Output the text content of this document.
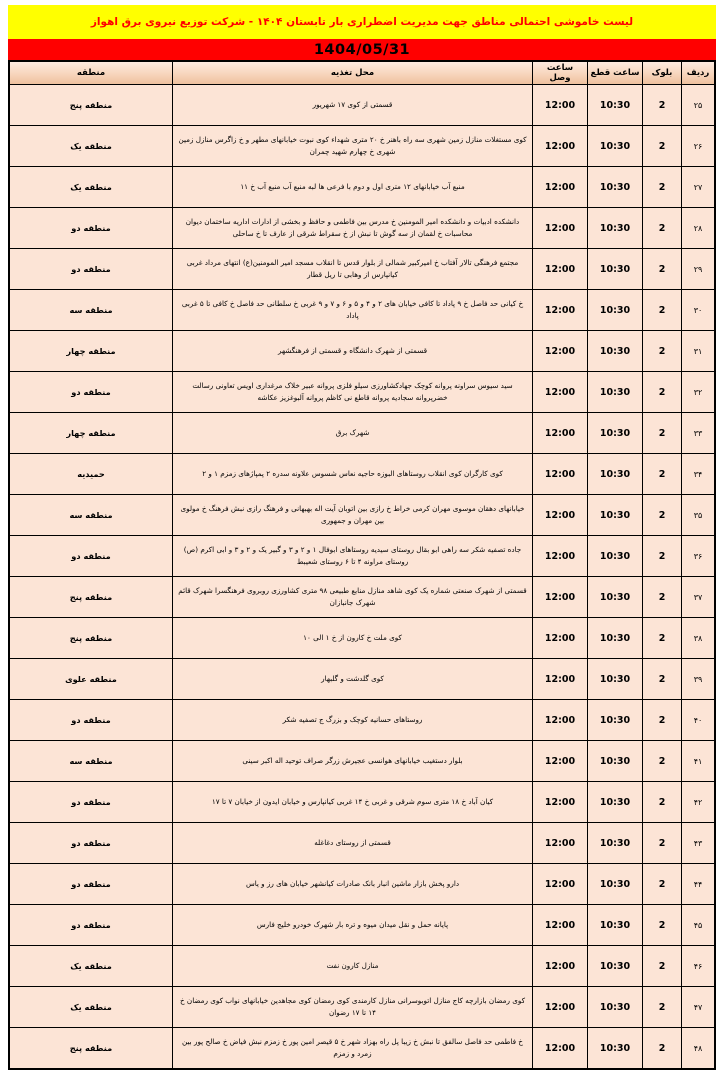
لیست خاموشی احتمالی مناطق جهت مدیریت اضطراری بار تابستان ۱۴۰۴ - شرکت توزیع نیروی برق اهواز
1404/05/31
ردیف	بلوک	ساعت قطع	ساعت وصل	محل تغذیه	منطقه
۲۵	2	10:30	12:00	قسمتی از کوی ۱۷ شهریور	منطقه پنج
۲۶	2	10:30	12:00	کوی مستغلات منازل زمین شهری سه راه باهنر خ ۲۰ متری شهداء کوی نبوت خیابانهای مطهر و خ زاگرس منازل زمین شهری خ چهارم شهید چمران	منطقه یک
۲۷	2	10:30	12:00	منبع آب خیابانهای ۱۲ متری اول و دوم با فرعی ها لبه منبع آب منبع آب خ ۱۱	منطقه یک
۲۸	2	10:30	12:00	دانشکده ادبیات و دانشکده امیر المومنین خ مدرس بین فاطمی و حافظ و بخشی از ادارات اداریه ساختمان دیوان محاسبات خ لقمان از سه گوش تا نبش از خ سقراط شرقی از عارف تا خ ساحلی	منطقه دو
۲۹	2	10:30	12:00	مجتمع فرهنگی تالار آفتاب خ امیرکبیر شمالی از بلوار قدس تا انقلاب مسجد امیر المومنین(ع) انتهای مرداد غربی کیانپارس از وهابی تا ریل قطار	منطقه دو
۳۰	2	10:30	12:00	خ کیانی حد فاصل خ ۹ پاداد تا کافی خیابان های ۲ و ۴ و ۵ و ۶ و ۷ و ۹ غربی خ سلطانی حد فاصل خ کافی تا ۵ غربی پاداد	منطقه سه
۳۱	2	10:30	12:00	قسمتی از شهرک دانشگاه و قسمتی از فرهنگشهر	منطقه چهار
۳۲	2	10:30	12:00	سید سیوس سراونه پروانه کوچک جهادکشاورزی سیلو فلزی پروانه عبیر خلاک مرغداری اویس تعاونی رسالت خضرپروانه سجادیه پروانه قاطع نی کاظم پروانه آلبوغزیز عکاشه	منطقه دو
۳۳	2	10:30	12:00	شهرک برق	منطقه چهار
۳۴	2	10:30	12:00	کوی کارگران کوی انقلاب روستاهای البوزه حاجیه نعاس شسوس علاونه سدره ۲ پمپاژهای زمزم ۱ و ۲	حمیدیه
۳۵	2	10:30	12:00	خیابانهای دهقان موسوی مهران کرمی خراط خ رازی بین اتوبان آیت اله بهبهانی و فرهنگ رازی نبش فرهنگ خ مولوی بین مهران و جمهوری	منطقه سه
۳۶	2	10:30	12:00	جاده تصفیه شکر سه راهی ابو بقال روستای سیدیه روستاهای ابوفال ۱ و ۲ و ۳ و گبیر یک و ۲ و ۳ و ابی اکرم (ص) روستای مراونه ۴ تا ۶ روستای شعیبط	منطقه دو
۳۷	2	10:30	12:00	قسمتی از شهرک صنعتی شماره یک کوی شاهد منازل منابع طبیعی ۹۸ متری کشاورزی روبروی فرهنگسرا شهرک قائم شهرک جانبازان	منطقه پنج
۳۸	2	10:30	12:00	کوی ملت خ کارون از خ ۱ الی ۱۰	منطقه پنج
۳۹	2	10:30	12:00	کوی گلدشت و گلبهار	منطقه علوی
۴۰	2	10:30	12:00	روستاهای حسانیه کوچک و بزرگ ج تصفیه شکر	منطقه دو
۴۱	2	10:30	12:00	بلوار دستغیب خیابانهای هوانسی عجیرش زرگر صراف توحید اله اکبر سینی	منطقه سه
۴۲	2	10:30	12:00	کیان آباد خ ۱۸ متری سوم شرقی و غربی خ ۱۴ غربی کیانپارس و خیابان ایدون از خیابان ۷ تا ۱۷	منطقه دو
۴۳	2	10:30	12:00	قسمتی از روستای دغاغله	منطقه دو
۴۴	2	10:30	12:00	دارو پخش بازار ماشین انبار بانک صادرات کیانشهر خیابان های رز و یاس	منطقه دو
۴۵	2	10:30	12:00	پایانه حمل و نقل میدان میوه و تره بار شهرک خودرو خلیج فارس	منطقه دو
۴۶	2	10:30	12:00	منازل کارون نفت	منطقه یک
۴۷	2	10:30	12:00	کوی رمضان بازارچه کاج منازل اتوبوسرانی منازل کارمندی کوی رمضان کوی مجاهدین خیابانهای نواب کوی رمضان خ ۱۴ تا ۱۷ رضوان	منطقه یک
۴۸	2	10:30	12:00	خ فاطمی حد فاصل سالفق تا نبش خ زیبا پل راه بهزاد شهر خ ۵ قیصر امین پور خ زمزم نبش فیاض خ صالح پور بین زمرد و زمزم	منطقه پنج
